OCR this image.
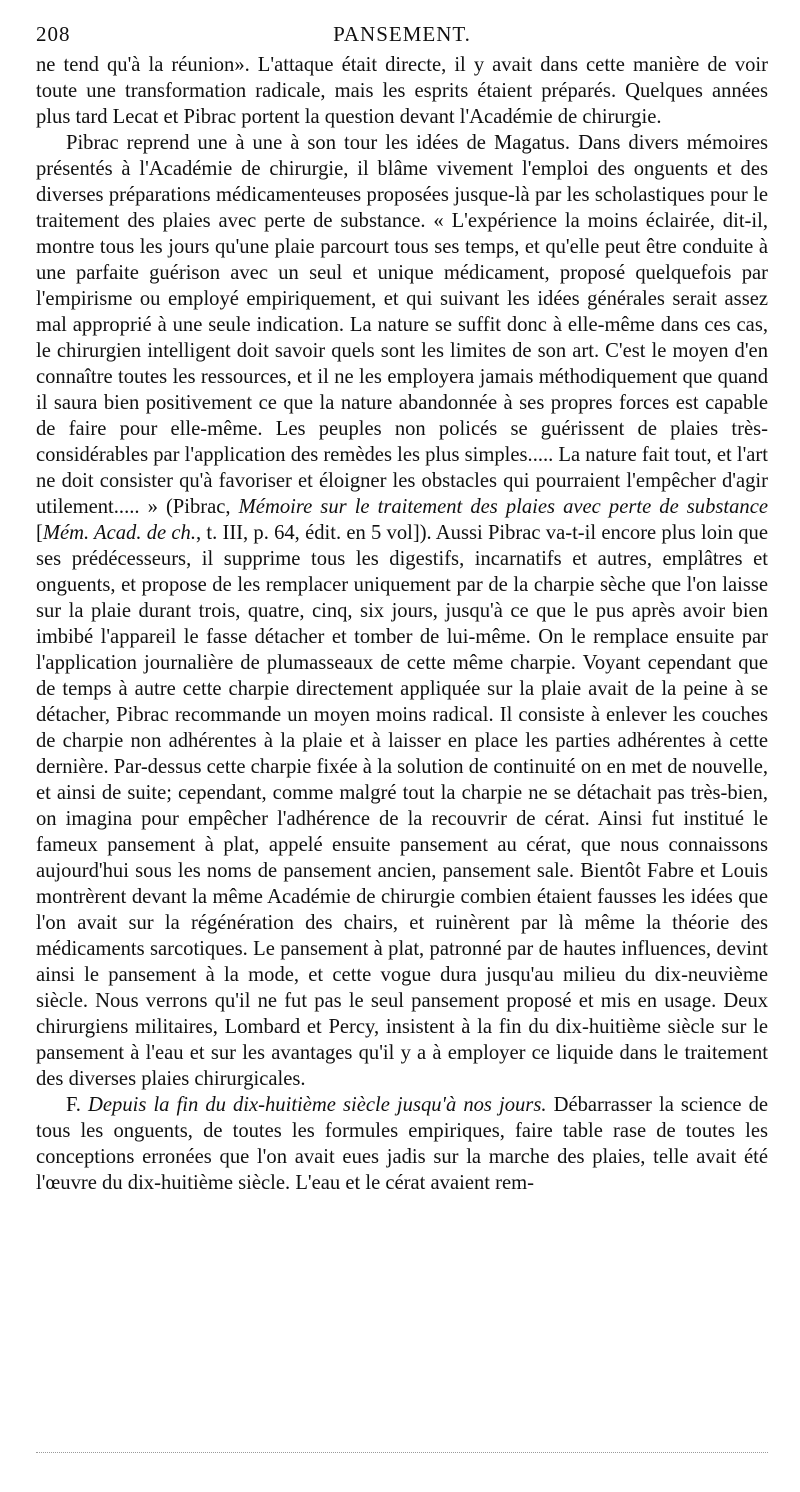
208	PANSEMENT.

ne tend qu'à la réunion». L'attaque était directe, il y avait dans cette manière de voir toute une transformation radicale, mais les esprits étaient préparés. Quelques années plus tard Lecat et Pibrac portent la question devant l'Académie de chirurgie.

Pibrac reprend une à une à son tour les idées de Magatus. Dans divers mémoires présentés à l'Académie de chirurgie, il blâme vivement l'emploi des onguents et des diverses préparations médicamenteuses proposées jusque-là par les scholastiques pour le traitement des plaies avec perte de substance. « L'expérience la moins éclairée, dit-il, montre tous les jours qu'une plaie parcourt tous ses temps, et qu'elle peut être conduite à une parfaite guérison avec un seul et unique médicament, proposé quelquefois par l'empirisme ou employé empiriquement, et qui suivant les idées générales serait assez mal approprié à une seule indication. La nature se suffit donc à elle-même dans ces cas, le chirurgien intelligent doit savoir quels sont les limites de son art. C'est le moyen d'en connaître toutes les ressources, et il ne les employera jamais méthodiquement que quand il saura bien positivement ce que la nature abandonnée à ses propres forces est capable de faire pour elle-même. Les peuples non policés se guérissent de plaies très-considérables par l'application des remèdes les plus simples..... La nature fait tout, et l'art ne doit consister qu'à favoriser et éloigner les obstacles qui pourraient l'empêcher d'agir utilement..... » (Pibrac, Mémoire sur le traitement des plaies avec perte de substance [Mém. Acad. de ch., t. III, p. 64, édit. en 5 vol]). Aussi Pibrac va-t-il encore plus loin que ses prédécesseurs, il supprime tous les digestifs, incarnatifs et autres, emplâtres et onguents, et propose de les remplacer uniquement par de la charpie sèche que l'on laisse sur la plaie durant trois, quatre, cinq, six jours, jusqu'à ce que le pus après avoir bien imbibé l'appareil le fasse détacher et tomber de lui-même. On le remplace ensuite par l'application journalière de plumasseaux de cette même charpie. Voyant cependant que de temps à autre cette charpie directement appliquée sur la plaie avait de la peine à se détacher, Pibrac recommande un moyen moins radical. Il consiste à enlever les couches de charpie non adhérentes à la plaie et à laisser en place les parties adhérentes à cette dernière. Par-dessus cette charpie fixée à la solution de continuité on en met de nouvelle, et ainsi de suite; cependant, comme malgré tout la charpie ne se détachait pas très-bien, on imagina pour empêcher l'adhérence de la recouvrir de cérat. Ainsi fut institué le fameux pansement à plat, appelé ensuite pansement au cérat, que nous connaissons aujourd'hui sous les noms de pansement ancien, pansement sale. Bientôt Fabre et Louis montrèrent devant la même Académie de chirurgie combien étaient fausses les idées que l'on avait sur la régénération des chairs, et ruinèrent par là même la théorie des médicaments sarcotiques. Le pansement à plat, patronné par de hautes influences, devint ainsi le pansement à la mode, et cette vogue dura jusqu'au milieu du dix-neuvième siècle. Nous verrons qu'il ne fut pas le seul pansement proposé et mis en usage. Deux chirurgiens militaires, Lombard et Percy, insistent à la fin du dix-huitième siècle sur le pansement à l'eau et sur les avantages qu'il y a à employer ce liquide dans le traitement des diverses plaies chirurgicales.

F. Depuis la fin du dix-huitième siècle jusqu'à nos jours. Débarrasser la science de tous les onguents, de toutes les formules empiriques, faire table rase de toutes les conceptions erronées que l'on avait eues jadis sur la marche des plaies, telle avait été l'œuvre du dix-huitième siècle. L'eau et le cérat avaient rem-
